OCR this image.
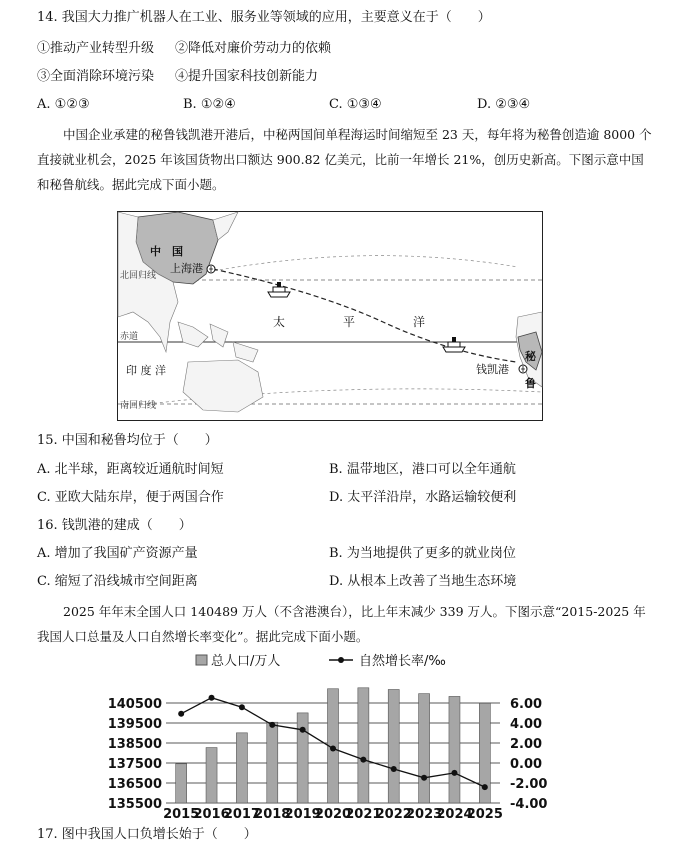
14. 我国大力推广机器人在工业、服务业等领域的应用，主要意义在于（　　）
①推动产业转型升级 ②降低对廉价劳动力的依赖
③全面消除环境污染 ④提升国家科技创新能力
A. ①②③	B. ①②④	C. ①③④	D. ②③④
中国企业承建的秘鲁钱凯港开港后，中秘两国间单程海运时间缩短至 23 天，每年将为秘鲁创造逾 8000 个直接就业机会，2025 年该国货物出口额达 900.82 亿美元，比前一年增长 21%，创历史新高。下图示意中国和秘鲁航线。据此完成下面小题。
中　国
上海港
北回归线
赤道
南回归线
太	平	洋
印 度 洋	钱凯港
秘
鲁
15. 中国和秘鲁均位于（　　）
A. 北半球，距离较近通航时间短	B. 温带地区，港口可以全年通航
C. 亚欧大陆东岸，便于两国合作	D. 太平洋沿岸，水路运输较便利
16. 钱凯港的建成（　　）
A. 增加了我国矿产资源产量	B. 为当地提供了更多的就业岗位
C. 缩短了沿线城市空间距离	D. 从根本上改善了当地生态环境
2025 年年末全国人口 140489 万人（不含港澳台），比上年末减少 339 万人。下图示意“2015-2025 年我国人口总量及人口自然增长率变化”。据此完成下面小题。
总人口/万人	自然增长率/‰
140500
139500
138500
137500
136500
135500
6.00
4.00
2.00
0.00
-2.00
-4.00
2015
2016
2017
2018
2019
2020
2021
2022
2023
2024
2025
17. 图中我国人口负增长始于（　　）
